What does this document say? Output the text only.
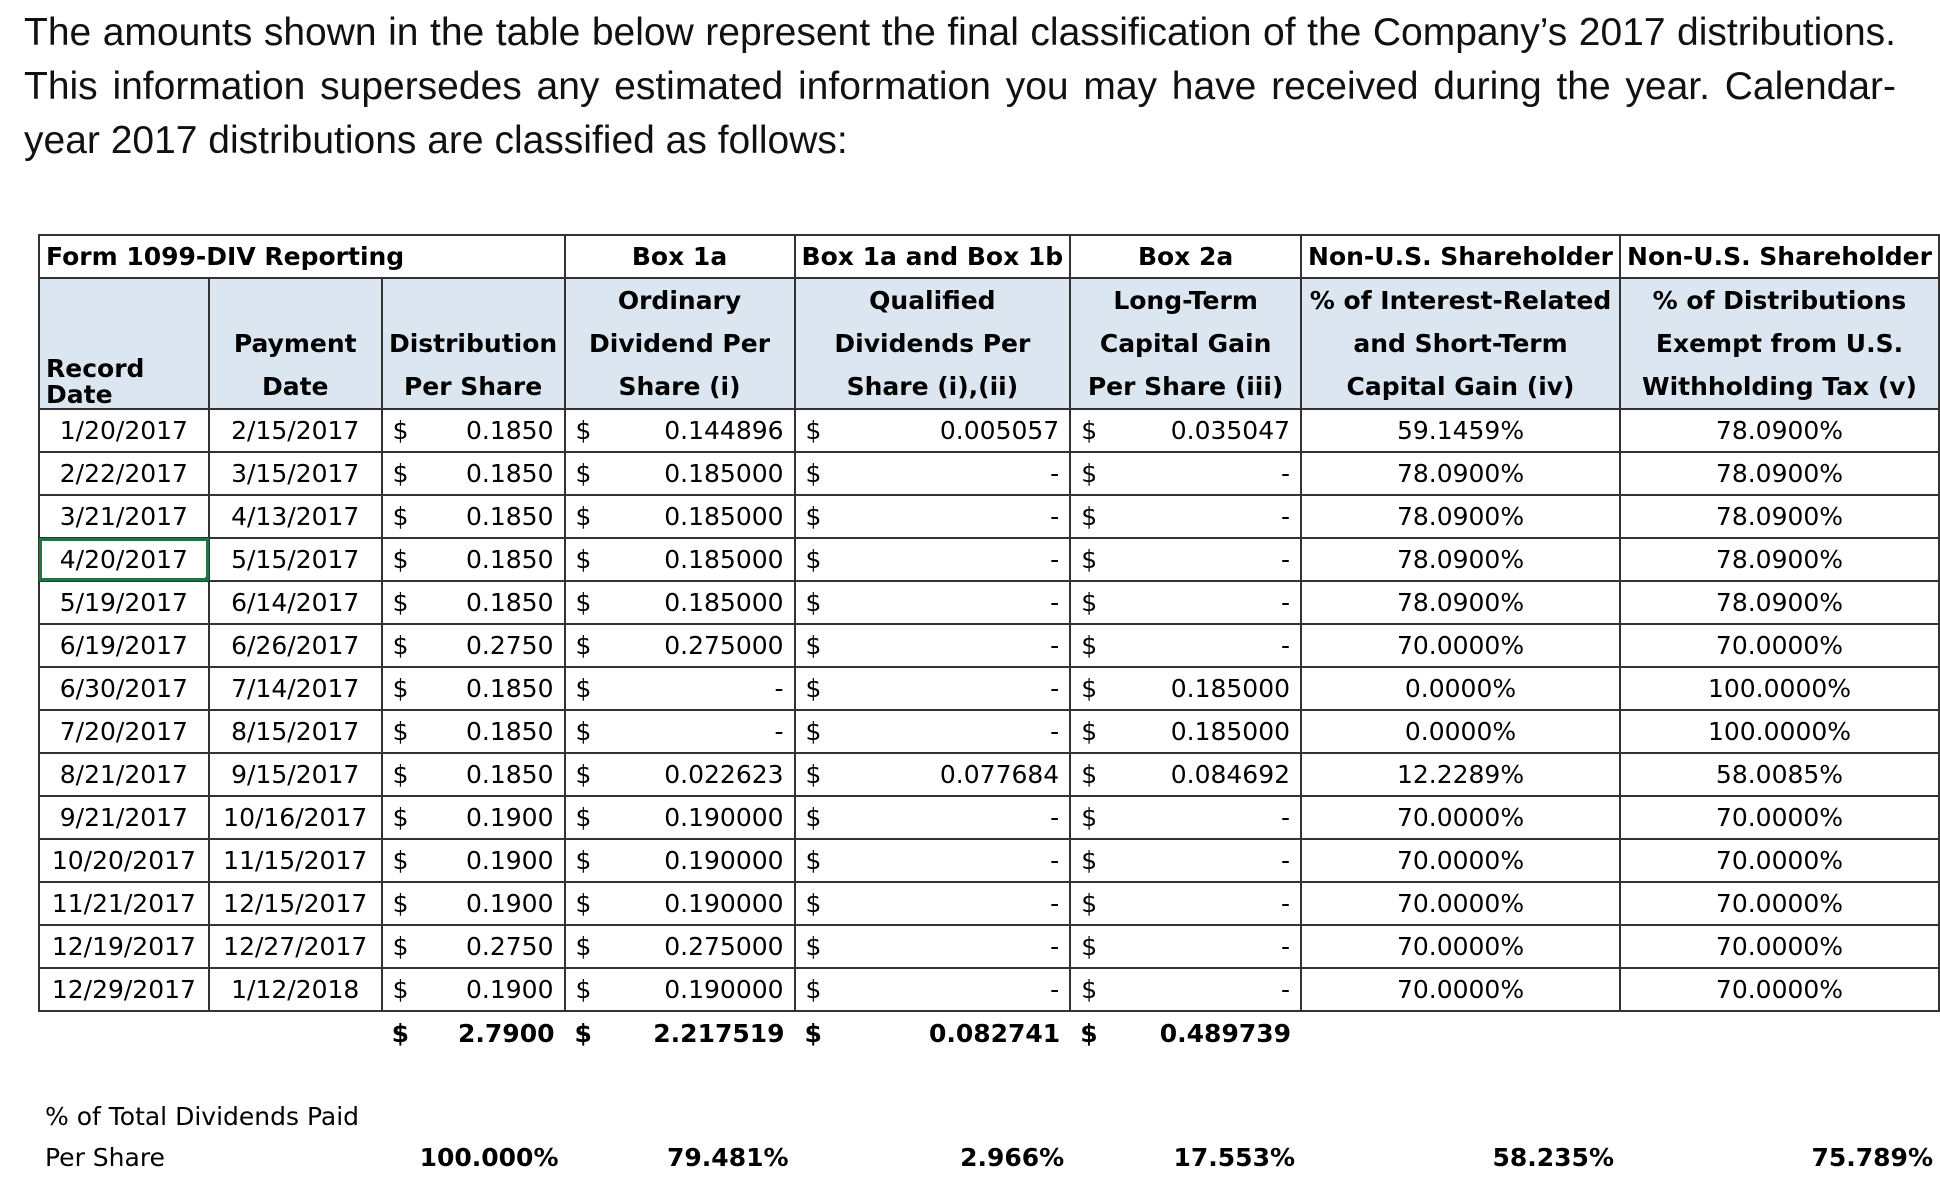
The amounts shown in the table below represent the final classification of the Company’s 2017 distributions. This information supersedes any estimated information you may have received during the year. Calendar-year 2017 distributions are classified as follows:
Form 1099-DIV Reporting			Box 1a	Box 1a and Box 1b	Box 2a	Non-U.S. Shareholder	Non-U.S. Shareholder
Record Date	Payment Date	Distribution Per Share	Ordinary Dividend Per Share (i)	Qualified Dividends Per Share (i),(ii)	Long-Term Capital Gain Per Share (iii)	% of Interest-Related and Short-Term Capital Gain (iv)	% of Distributions Exempt from U.S. Withholding Tax (v)
1/20/2017	2/15/2017	$ 0.1850	$ 0.144896	$ 0.005057	$ 0.035047	59.1459%	78.0900%
2/22/2017	3/15/2017	$ 0.1850	$ 0.185000	$ -	$ -	78.0900%	78.0900%
3/21/2017	4/13/2017	$ 0.1850	$ 0.185000	$ -	$ -	78.0900%	78.0900%
4/20/2017	5/15/2017	$ 0.1850	$ 0.185000	$ -	$ -	78.0900%	78.0900%
5/19/2017	6/14/2017	$ 0.1850	$ 0.185000	$ -	$ -	78.0900%	78.0900%
6/19/2017	6/26/2017	$ 0.2750	$ 0.275000	$ -	$ -	70.0000%	70.0000%
6/30/2017	7/14/2017	$ 0.1850	$ -	$ -	$ 0.185000	0.0000%	100.0000%
7/20/2017	8/15/2017	$ 0.1850	$ -	$ -	$ 0.185000	0.0000%	100.0000%
8/21/2017	9/15/2017	$ 0.1850	$ 0.022623	$ 0.077684	$ 0.084692	12.2289%	58.0085%
9/21/2017	10/16/2017	$ 0.1900	$ 0.190000	$ -	$ -	70.0000%	70.0000%
10/20/2017	11/15/2017	$ 0.1900	$ 0.190000	$ -	$ -	70.0000%	70.0000%
11/21/2017	12/15/2017	$ 0.1900	$ 0.190000	$ -	$ -	70.0000%	70.0000%
12/19/2017	12/27/2017	$ 0.2750	$ 0.275000	$ -	$ -	70.0000%	70.0000%
12/29/2017	1/12/2018	$ 0.1900	$ 0.190000	$ -	$ -	70.0000%	70.0000%

		$ 2.7900	$ 2.217519	$ 0.082741	$ 0.489739		

% of Total Dividends Paid							
Per Share		100.000%	79.481%	2.966%	17.553%	58.235%	75.789%
